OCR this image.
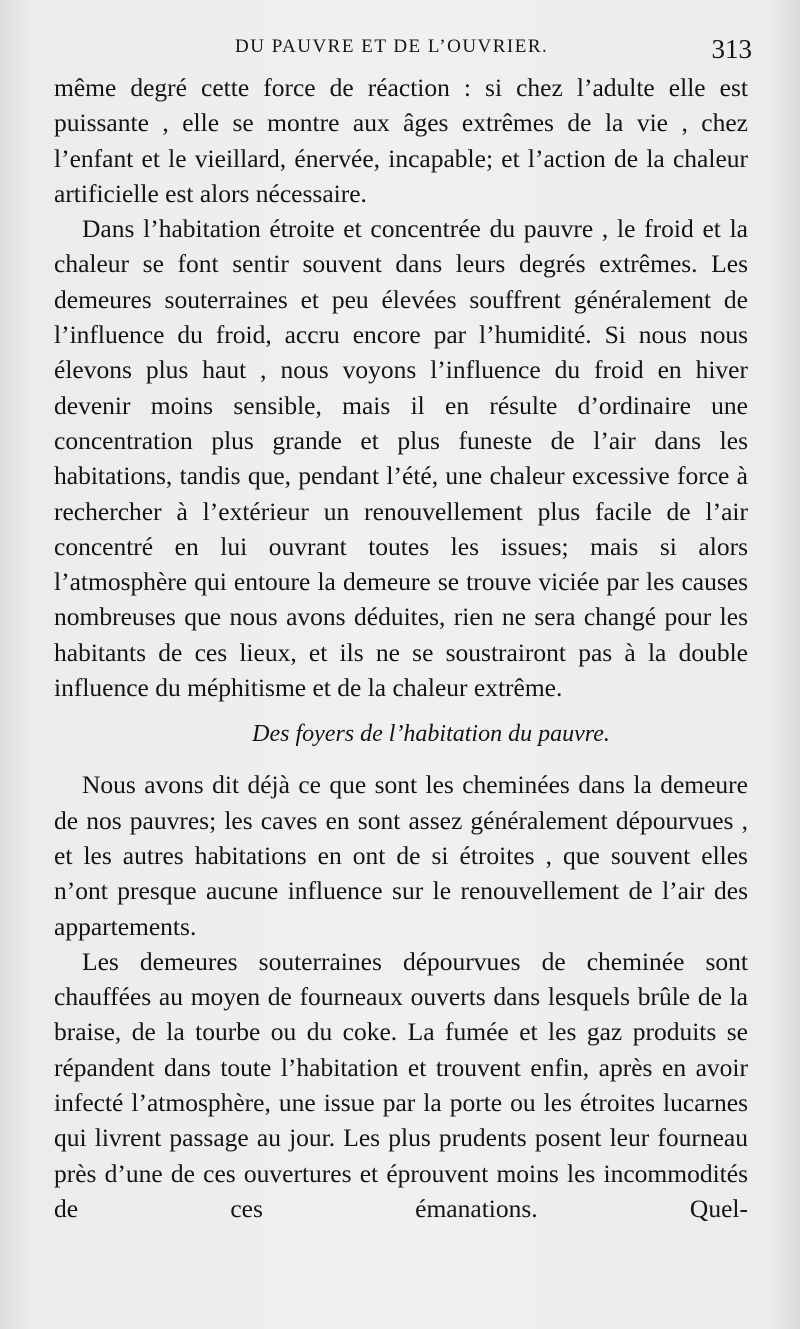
DU PAUVRE ET DE L’OUVRIER.	313

même degré cette force de réaction : si chez l’adulte elle est puissante , elle se montre aux âges extrêmes de la vie , chez l’enfant et le vieillard, énervée, incapable; et l’action de la chaleur artificielle est alors nécessaire.

Dans l’habitation étroite et concentrée du pauvre , le froid et la chaleur se font sentir souvent dans leurs degrés extrêmes. Les demeures souterraines et peu élevées souffrent généralement de l’influence du froid, accru encore par l’humidité. Si nous nous élevons plus haut , nous voyons l’influence du froid en hiver devenir moins sensible, mais il en résulte d’ordinaire une concentration plus grande et plus funeste de l’air dans les habitations, tandis que, pendant l’été, une chaleur excessive force à rechercher à l’extérieur un renouvellement plus facile de l’air concentré en lui ouvrant toutes les issues; mais si alors l’atmosphère qui entoure la demeure se trouve viciée par les causes nombreuses que nous avons déduites, rien ne sera changé pour les habitants de ces lieux, et ils ne se soustrairont pas à la double influence du méphitisme et de la chaleur extrême.

Des foyers de l’habitation du pauvre.

Nous avons dit déjà ce que sont les cheminées dans la demeure de nos pauvres; les caves en sont assez généralement dépourvues , et les autres habitations en ont de si étroites , que souvent elles n’ont presque aucune influence sur le renouvellement de l’air des appartements.

Les demeures souterraines dépourvues de cheminée sont chauffées au moyen de fourneaux ouverts dans lesquels brûle de la braise, de la tourbe ou du coke. La fumée et les gaz produits se répandent dans toute l’habitation et trouvent enfin, après en avoir infecté l’atmosphère, une issue par la porte ou les étroites lucarnes qui livrent passage au jour. Les plus prudents posent leur fourneau près d’une de ces ouvertures et éprouvent moins les incommodités de ces émanations. Quel-
